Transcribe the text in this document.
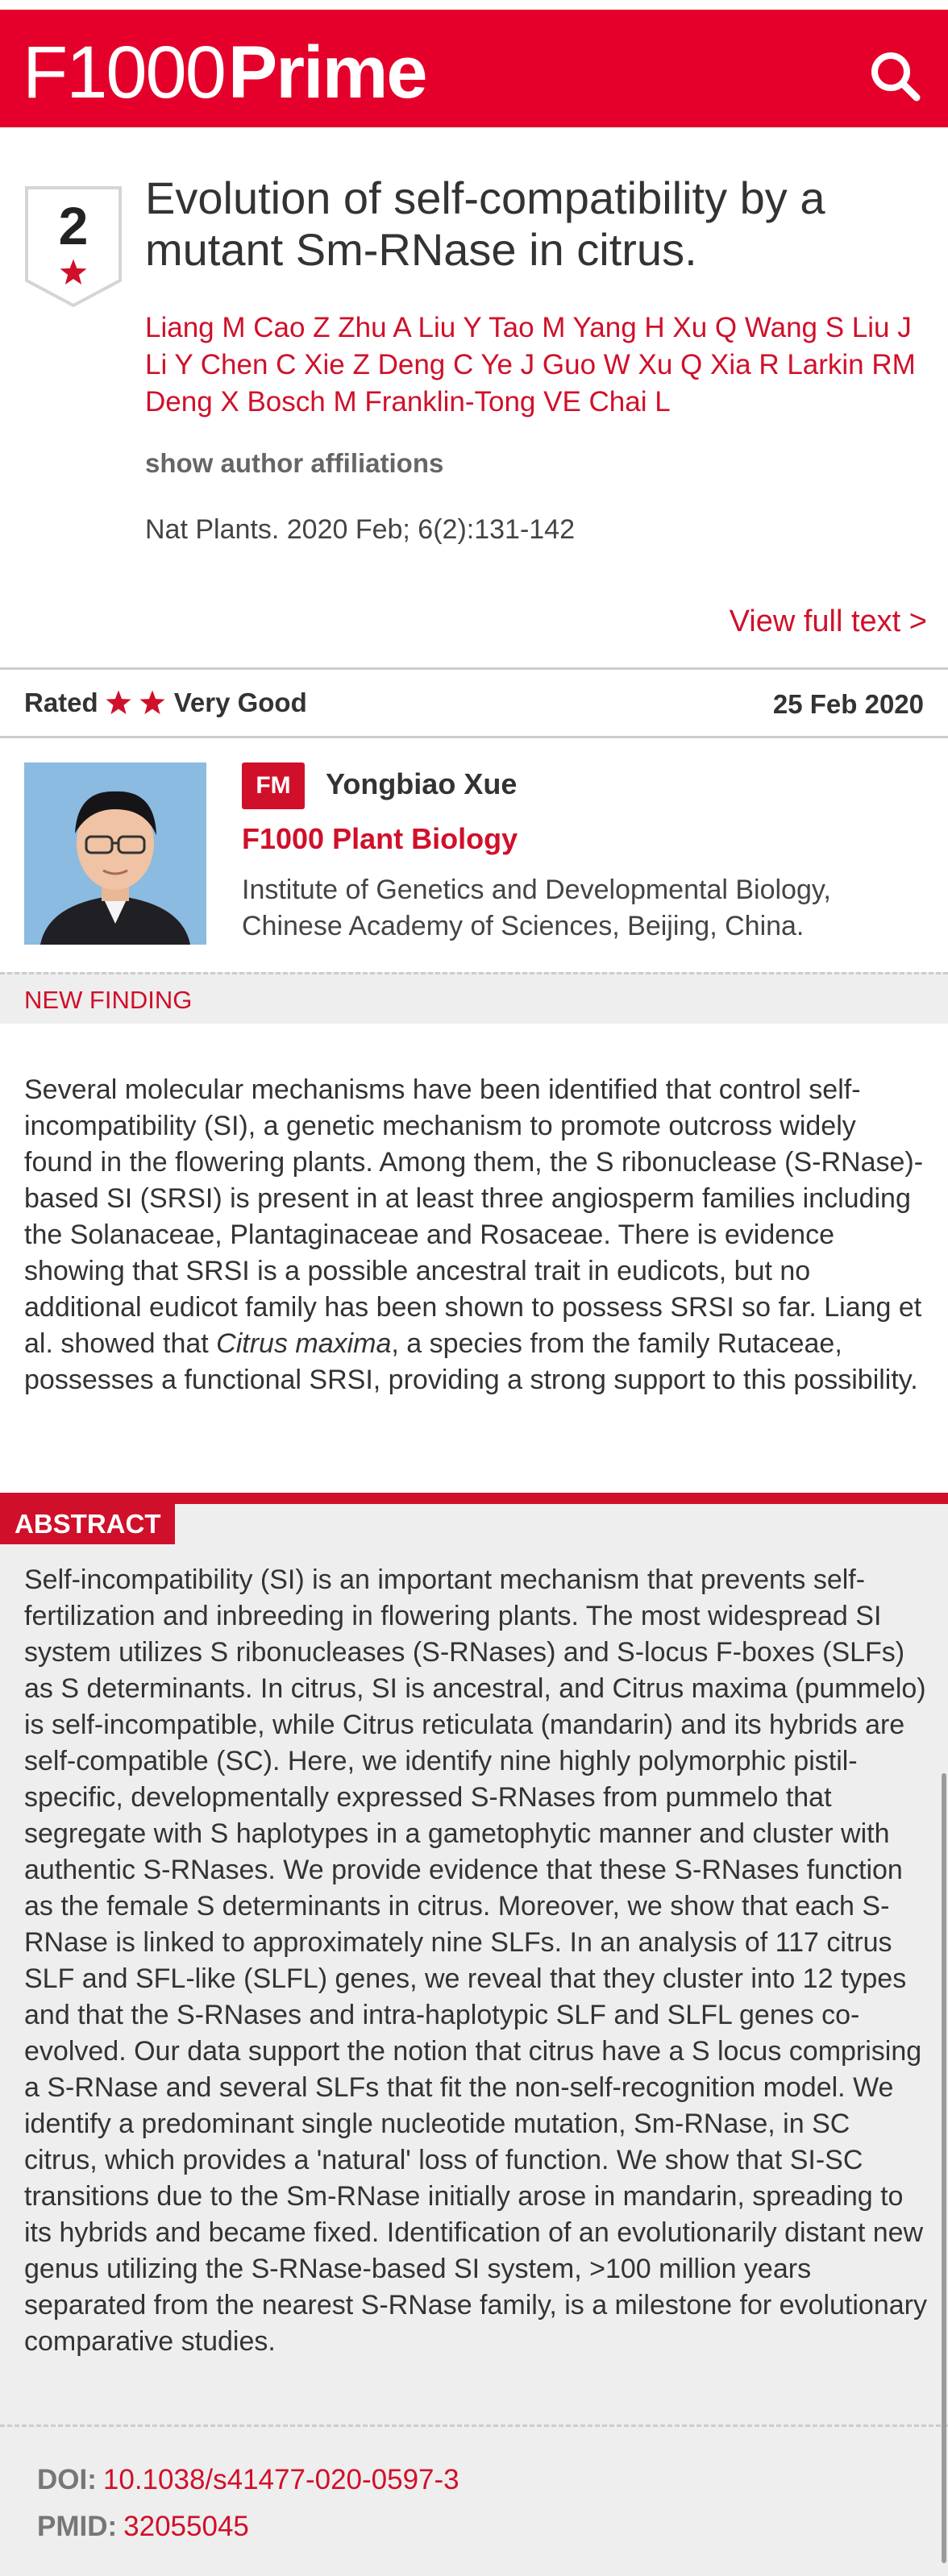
F1000 Prime
2	Evolution of self-compatibility by a mutant Sm-RNase in citrus.
Liang M Cao Z Zhu A Liu Y Tao M Yang H Xu Q Wang S Liu J Li Y Chen C Xie Z Deng C Ye J Guo W Xu Q Xia R Larkin RM Deng X Bosch M Franklin-Tong VE Chai L
show author affiliations
Nat Plants. 2020 Feb; 6(2):131-142
View full text >
Rated	Very Good	25 Feb 2020
FM	Yongbiao Xue
F1000 Plant Biology
Institute of Genetics and Developmental Biology, Chinese Academy of Sciences, Beijing, China.
NEW FINDING

Several molecular mechanisms have been identified that control self-incompatibility (SI), a genetic mechanism to promote outcross widely found in the flowering plants. Among them, the S ribonuclease (S-RNase)-based SI (SRSI) is present in at least three angiosperm families including the Solanaceae, Plantaginaceae and Rosaceae. There is evidence showing that SRSI is a possible ancestral trait in eudicots, but no additional eudicot family has been shown to possess SRSI so far. Liang et al. showed that Citrus maxima, a species from the family Rutaceae, possesses a functional SRSI, providing a strong support to this possibility.

ABSTRACT

Self-incompatibility (SI) is an important mechanism that prevents self-fertilization and inbreeding in flowering plants. The most widespread SI system utilizes S ribonucleases (S-RNases) and S-locus F-boxes (SLFs) as S determinants. In citrus, SI is ancestral, and Citrus maxima (pummelo) is self-incompatible, while Citrus reticulata (mandarin) and its hybrids are self-compatible (SC). Here, we identify nine highly polymorphic pistil-specific, developmentally expressed S-RNases from pummelo that segregate with S haplotypes in a gametophytic manner and cluster with authentic S-RNases. We provide evidence that these S-RNases function as the female S determinants in citrus. Moreover, we show that each S-RNase is linked to approximately nine SLFs. In an analysis of 117 citrus SLF and SFL-like (SLFL) genes, we reveal that they cluster into 12 types and that the S-RNases and intra-haplotypic SLF and SLFL genes co-evolved. Our data support the notion that citrus have a S locus comprising a S-RNase and several SLFs that fit the non-self-recognition model. We identify a predominant single nucleotide mutation, Sm-RNase, in SC citrus, which provides a 'natural' loss of function. We show that SI-SC transitions due to the Sm-RNase initially arose in mandarin, spreading to its hybrids and became fixed. Identification of an evolutionarily distant new genus utilizing the S-RNase-based SI system, >100 million years separated from the nearest S-RNase family, is a milestone for evolutionary comparative studies.

DOI: 10.1038/s41477-020-0597-3
PMID: 32055045
